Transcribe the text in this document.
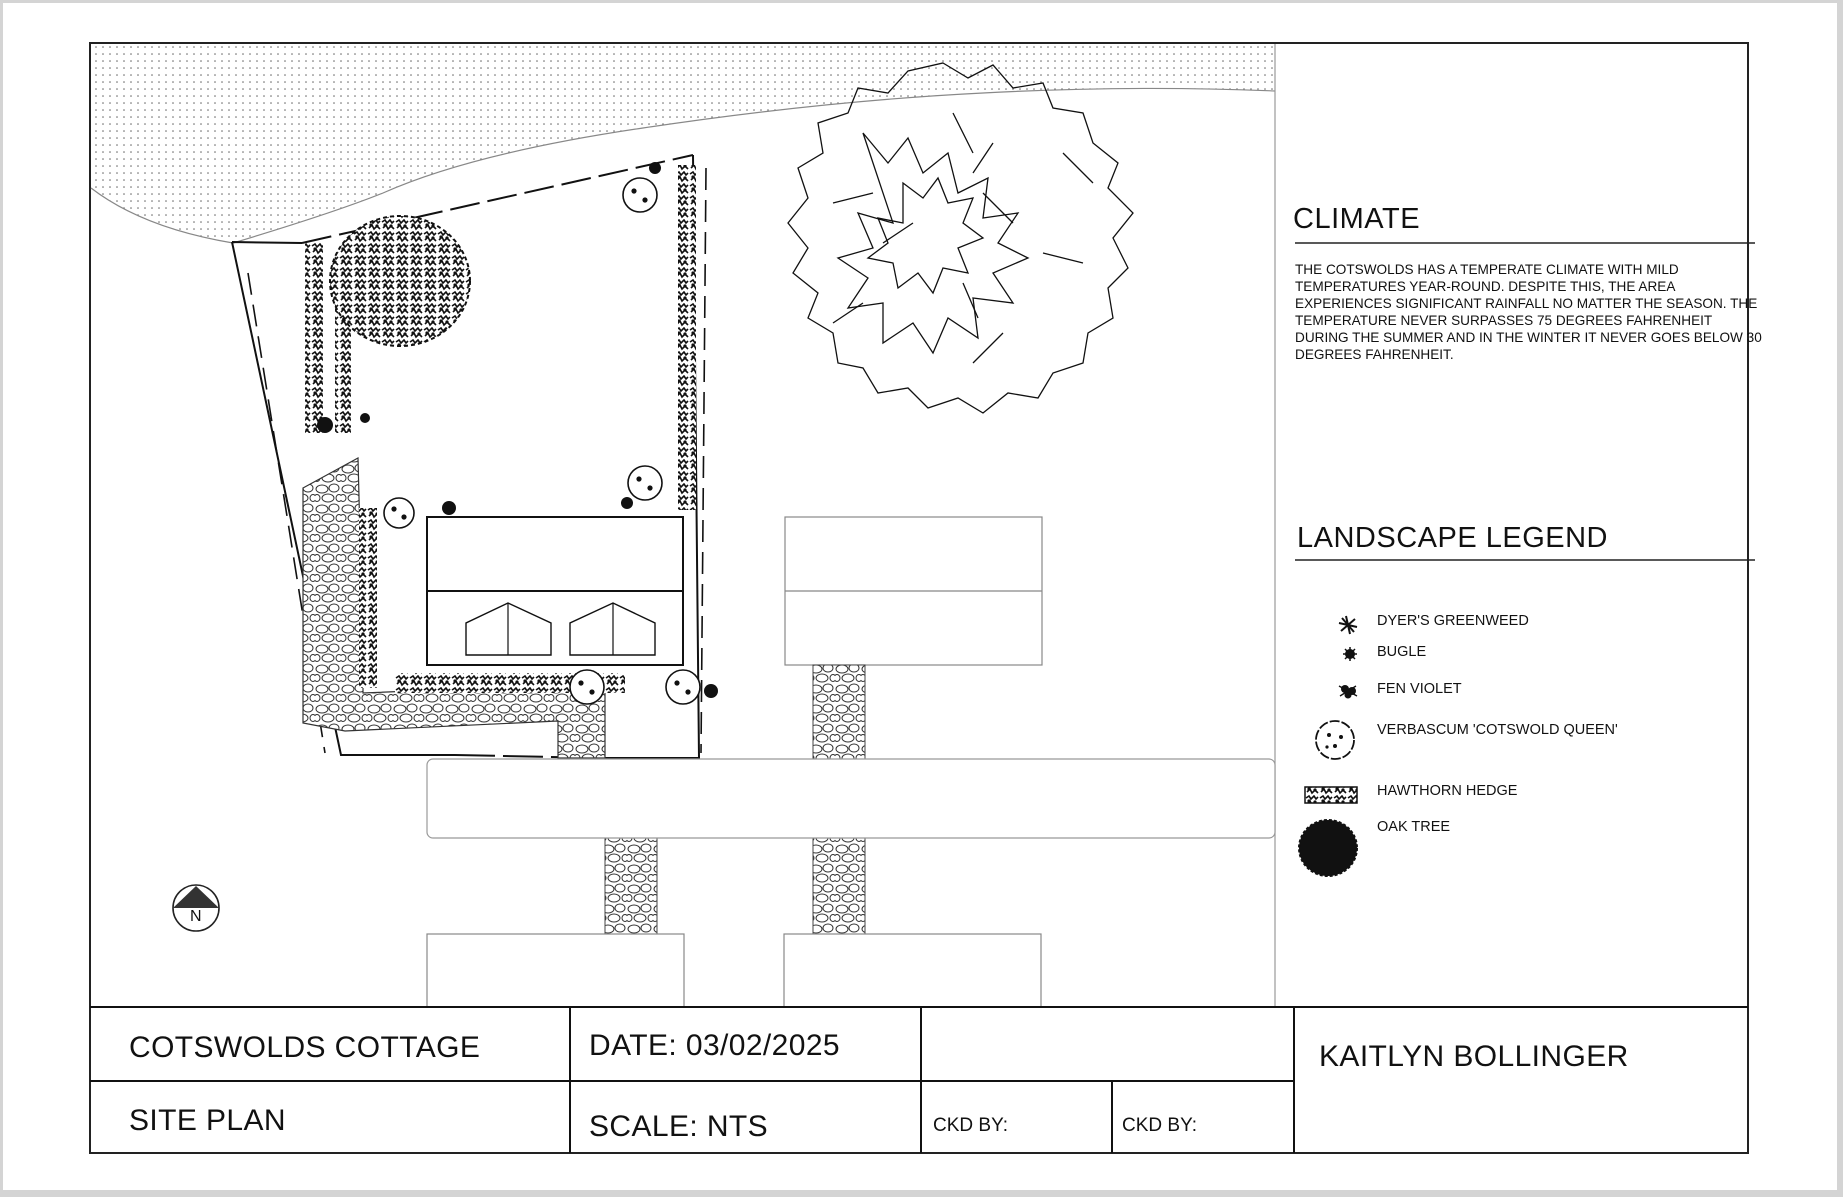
CLIMATE
THE COTSWOLDS HAS A TEMPERATE CLIMATE WITH MILD TEMPERATURES YEAR-ROUND. DESPITE THIS, THE AREA EXPERIENCES SIGNIFICANT RAINFALL NO MATTER THE SEASON. THE TEMPERATURE NEVER SURPASSES 75 DEGREES FAHRENHEIT DURING THE SUMMER AND IN THE WINTER IT NEVER GOES BELOW 30 DEGREES FAHRENHEIT.
LANDSCAPE LEGEND
DYER'S GREENWEED
BUGLE
FEN VIOLET
VERBASCUM 'COTSWOLD QUEEN'
HAWTHORN HEDGE
OAK TREE
N
COTSWOLDS COTTAGE
SITE PLAN
DATE: 03/02/2025
SCALE: NTS	CKD BY:	CKD BY:
KAITLYN BOLLINGER
